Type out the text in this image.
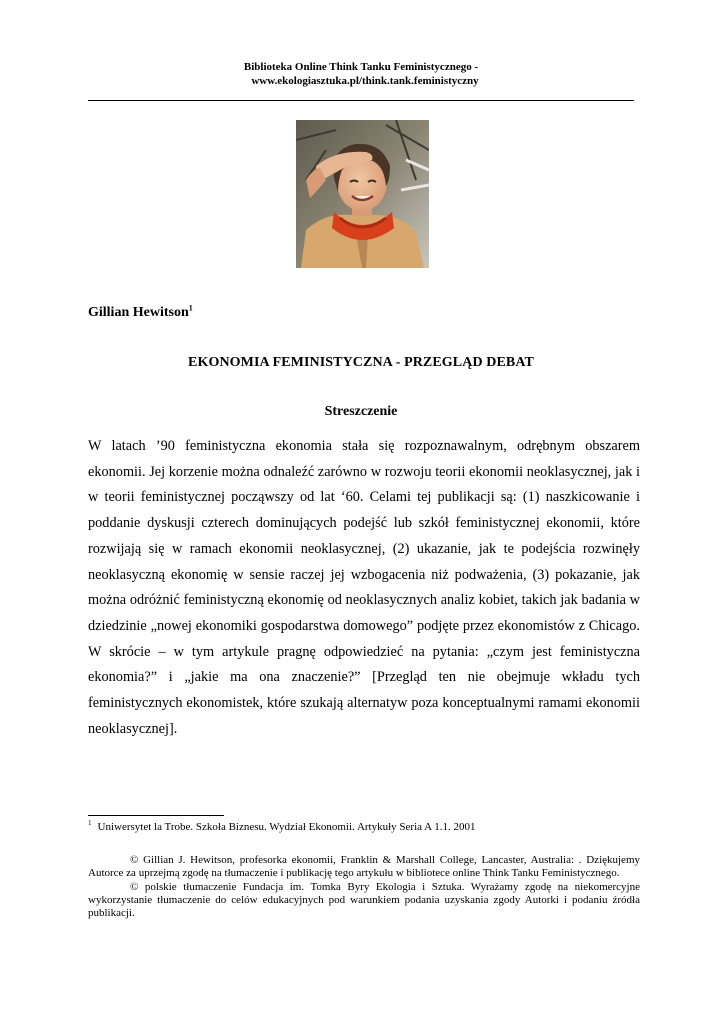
Biblioteka Online Think Tanku Feministycznego -

www.ekologiasztuka.pl/think.tank.feministyczny
Gillian Hewitson$^1$
EKONOMIA FEMINISTYCZNA - PRZEGLĄD DEBAT
Streszczenie

W latach ’90 feministyczna ekonomia stała się rozpoznawalnym, odrębnym obszarem ekonomii. Jej korzenie można odnaleźć zarówno w rozwoju teorii ekonomii neoklasycznej, jak i w teorii feministycznej począwszy od lat ‘60. Celami tej publikacji są: (1) naszkicowanie i poddanie dyskusji czterech dominujących podejść lub szkół feministycznej ekonomii, które rozwijają się w ramach ekonomii neoklasycznej, (2) ukazanie, jak te podejścia rozwinęły neoklasyczną ekonomię w sensie raczej jej wzbogacenia niż podważenia, (3) pokazanie, jak można odróżnić feministyczną ekonomię od neoklasycznych analiz kobiet, takich jak badania w dziedzinie „nowej ekonomiki gospodarstwa domowego” podjęte przez ekonomistów z Chicago. W skrócie – w tym artykule pragnę odpowiedzieć na pytania: „czym jest feministyczna ekonomia?” i „jakie ma ona znaczenie?” [Przegląd ten nie obejmuje wkładu tych feministycznych ekonomistek, które szukają alternatyw poza konceptualnymi ramami ekonomii neoklasycznej].

$^1$ Uniwersytet la Trobe. Szkoła Biznesu. Wydział Ekonomii. Artykuły Seria A 1.1. 2001

© Gillian J. Hewitson, profesorka ekonomii, Franklin & Marshall College, Lancaster, Australia: . Dziękujemy Autorce za uprzejmą zgodę na tłumaczenie i publikację tego artykułu w bibliotece online Think Tanku Feministycznego.

© polskie tłumaczenie Fundacja im. Tomka Byry Ekologia i Sztuka. Wyrażamy zgodę na niekomercyjne wykorzystanie tłumaczenie do celów edukacyjnych pod warunkiem podania uzyskania zgody Autorki i podaniu źródła publikacji.
